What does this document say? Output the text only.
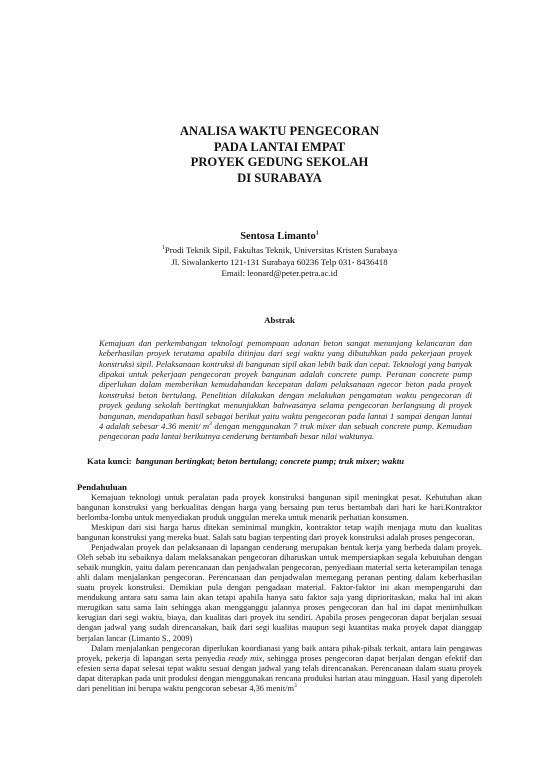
ANALISA WAKTU PENGECORAN
PADA LANTAI EMPAT
PROYEK GEDUNG SEKOLAH
DI SURABAYA
Sentosa Limanto$^1$
$^1$Prodi Teknik Sipil, Fakultas Teknik, Universitas Kristen Surabaya
Jl. Siwalankerto 121-131 Surabaya 60236 Telp 031- 8436418
Email: leonard@peter.petra.ac.id
Abstrak
Kemajuan dan perkembangan teknologi pemompaan adonan beton sangat menunjang kelancaran dan keberhasilan proyek terutama apabila ditinjau dari segi waktu yang dibutuhkan pada pekerjaan proyek konstruksi sipil. Pelaksanaan kontruksi di bangunan sipil akan lebih baik dan cepat. Teknologi yang banyak dipakai untuk pekerjaan pengecoran proyek bangunan adalah concrete pump. Peranan concrete pump diperlukan dalam memberikan kemudahandan kecepatan dalam pelaksanaan ngecor beton pada proyek konstruksi beton bertulang. Penelitian dilakukan dengan melakukan pengamatan waktu pengecoran di proyek gedung sekolah bertingkat menunjukkan bahwasanya selama pengecoran berlangsung di proyek bangunan, mendapatkan hasil sebagai berikut yaitu waktu pengecoran pada lantai 1 sampai dengan lantai 4 adalah sebesar 4.36 menit/ $m^3$ dengan menggunakan 7 truk mixer dan sebuah concrete pump. Kemudian pengecoran pada lantai berikutnya cenderung bertambah besar nilai waktunya.
Kata kunci: bangunan bertingkat; beton bertulang; concrete pump; truk mixer; waktu
Pendahuluan

Kemajuan teknologi untuk peralatan pada proyek konstruksi bangunan sipil meningkat pesat. Kebutuhan akan bangunan konstruksi yang berkualitas dengan harga yang bersaing pun terus bertambah dari hari ke hari.Kontraktor berlomba-lomba untuk menyediakan produk unggulan mereka untuk menarik perhatian konsumen.

Meskipun dari sisi harga harus ditekan seminimal mungkin, kontraktor tetap wajib menjaga mutu dan kualitas bangunan konstruksi yang mereka buat. Salah satu bagian terpenting dari proyek konstruksi adalah proses pengecoran.

Penjadwalan proyek dan pelaksanaan di lapangan cenderung merupakan bentuk kerja yang berbeda dalam proyek. Oleh sebab itu sebaiknya dalam melaksanakan pengecoran diharuskan untuk mempersiapkan segala kebutuhan dengan sebaik mungkin, yaitu dalam perencanaan dan penjadwalan pengecoran, penyediaan material serta keterampilan tenaga ahli dalam menjalankan pengecoran. Perencanaan dan penjadwalan memegang peranan penting dalam keberhasilan suatu proyek konstruksi. Demikian pula dengan pengadaan material. Faktor-faktor ini akan mempengaruhi dan mendukung antara satu sama lain akan tetapi apabila hanya satu faktor saja yang diprioritaskan, maka hal ini akan merugikan satu sama lain sehingga akan mengganggu jalannya proses pengecoran dan hal ini dapat menimbulkan kerugian dari segi waktu, biaya, dan kualitas dari proyek itu sendiri. Apabila proses pengecoran dapat berjalan sesuai dengan jadwal yang sudah direncanakan, baik dari segi kualitas maupun segi kuantitas maka proyek dapat dianggap berjalan lancar (Limanto S., 2009)

Dalam menjalankan pengecoran diperlukan koordianasi yang baik antara pihak-pihak terkait, antara lain pengawas proyek, pekerja di lapangan serta penyedia ready mix, sehingga proses pengecoran dapat berjalan dengan efektif dan efesien serta dapat selesai tepat waktu sesuai dengan jadwal yang telah direncanakan. Perencanaan dalam suatu proyek dapat diterapkan pada unit produksi dengan menggunakan rencana produksi harian atau mingguan. Hasil yang diperoleh dari penelitian ini berupa waktu pengcoran sebesar 4,36 menit/$m^3$
